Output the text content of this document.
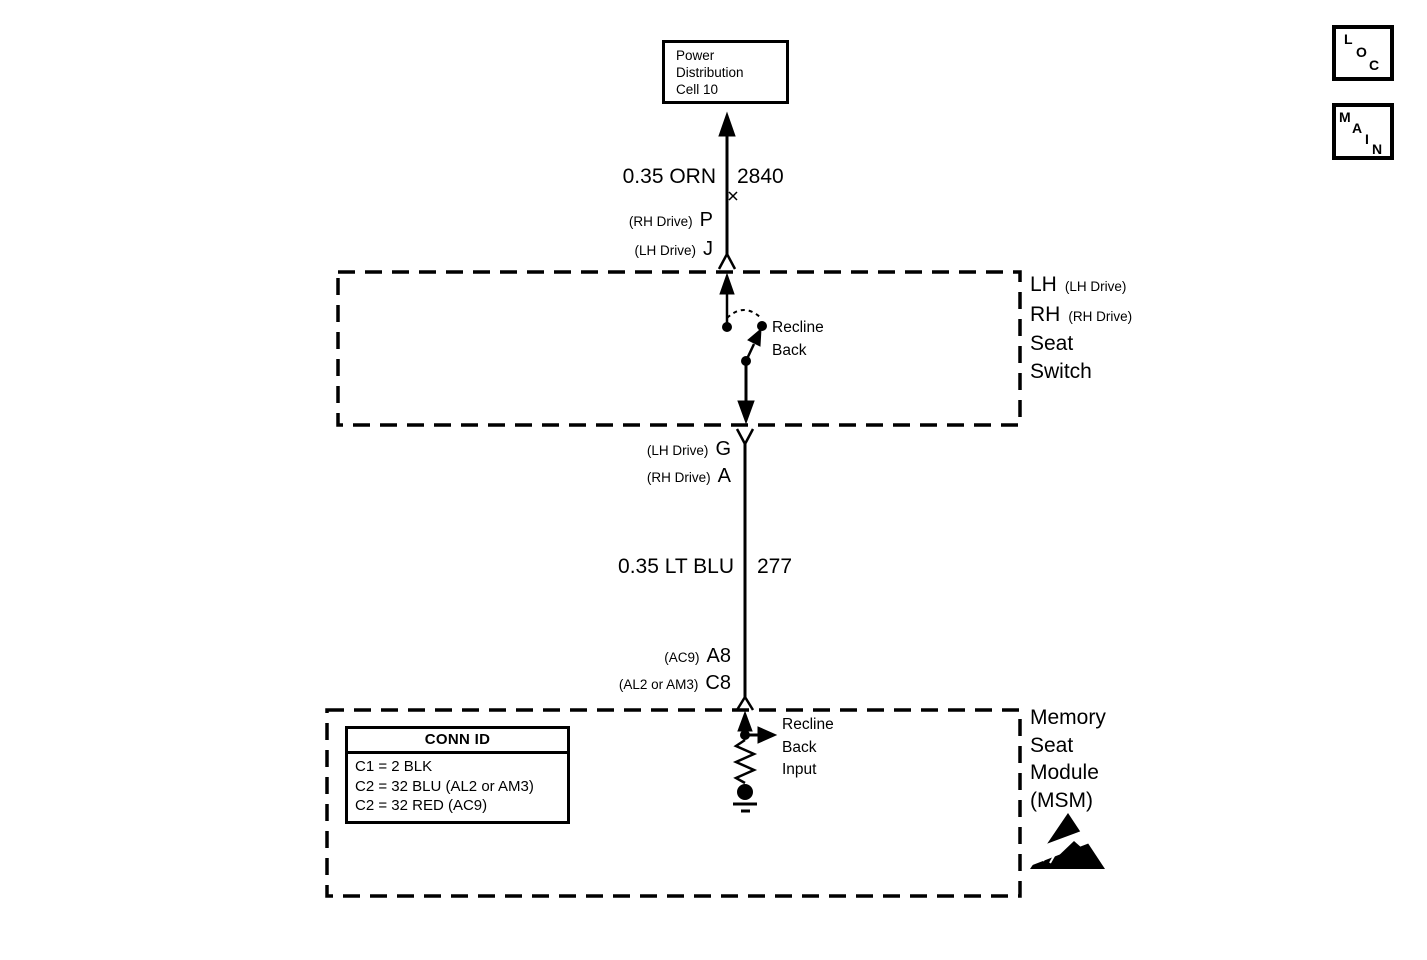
Power
Distribution
Cell 10
0.35 ORN 2840
(RH Drive) P
(LH Drive) J
LH (LH Drive)
RH (RH Drive)
Seat
Switch
Recline
Back
(LH Drive) G
(RH Drive) A
0.35 LT BLU 277
(AC9) A8
(AL2 or AM3) C8
CONN ID
C1 = 2 BLK
C2 = 32 BLU (AL2 or AM3)
C2 = 32 RED (AC9)
Recline
Back
Input
Memory
Seat
Module
(MSM)
L
O
C
M
A
I
N
